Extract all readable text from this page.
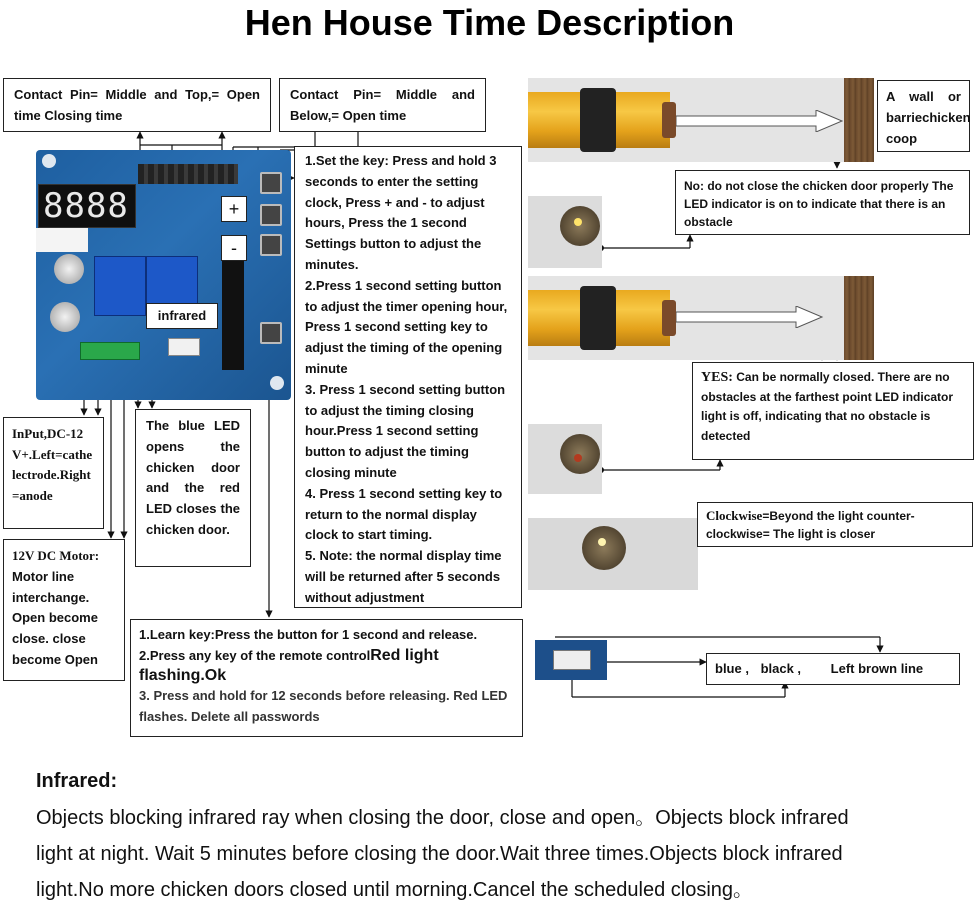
Hen House Time Description
Contact Pin= Middle and Top,= Open time Closing time
Contact Pin= Middle and Below,= Open time
8888	+
-
infrared
1.Set the key: Press and hold 3 seconds to enter the setting clock, Press + and - to adjust hours, Press the 1 second Settings button to adjust the minutes.
2.Press 1 second setting button to adjust the timer opening hour, Press 1 second setting key to adjust the timing of the opening minute
3. Press 1 second setting button to adjust the timing closing hour.Press 1 second setting button to adjust the timing closing minute
4. Press 1 second setting key to return to the normal display clock to start timing.
5. Note: the normal display time will be returned after 5 seconds without adjustment
InPut,DC-12 V+.Left=cathelectrode.Right=anode
The blue LED opens the chicken door and the red LED closes the chicken door.
12V DC Motor:
Motor line interchange. Open become close. close become Open
1.Learn key:Press the button for 1 second and release.
2.Press any key of the remote controlRed light flashing.Ok
3. Press and hold for 12 seconds before releasing. Red LED flashes. Delete all passwords
A wall or barriechicken coop
No: do not close the chicken door properly The LED indicator is on to indicate that there is an obstacle
YES: Can be normally closed. There are no obstacles at the farthest point LED indicator light is off, indicating that no obstacle is detected
Clockwise=Beyond the light counter-clockwise= The light is closer
blue , black , Left brown line
Infrared:
Objects blocking infrared ray when closing the door, close and open。Objects block infrared
light at night. Wait 5 minutes before closing the door.Wait three times.Objects block infrared
light.No more chicken doors closed until morning.Cancel the scheduled closing。
